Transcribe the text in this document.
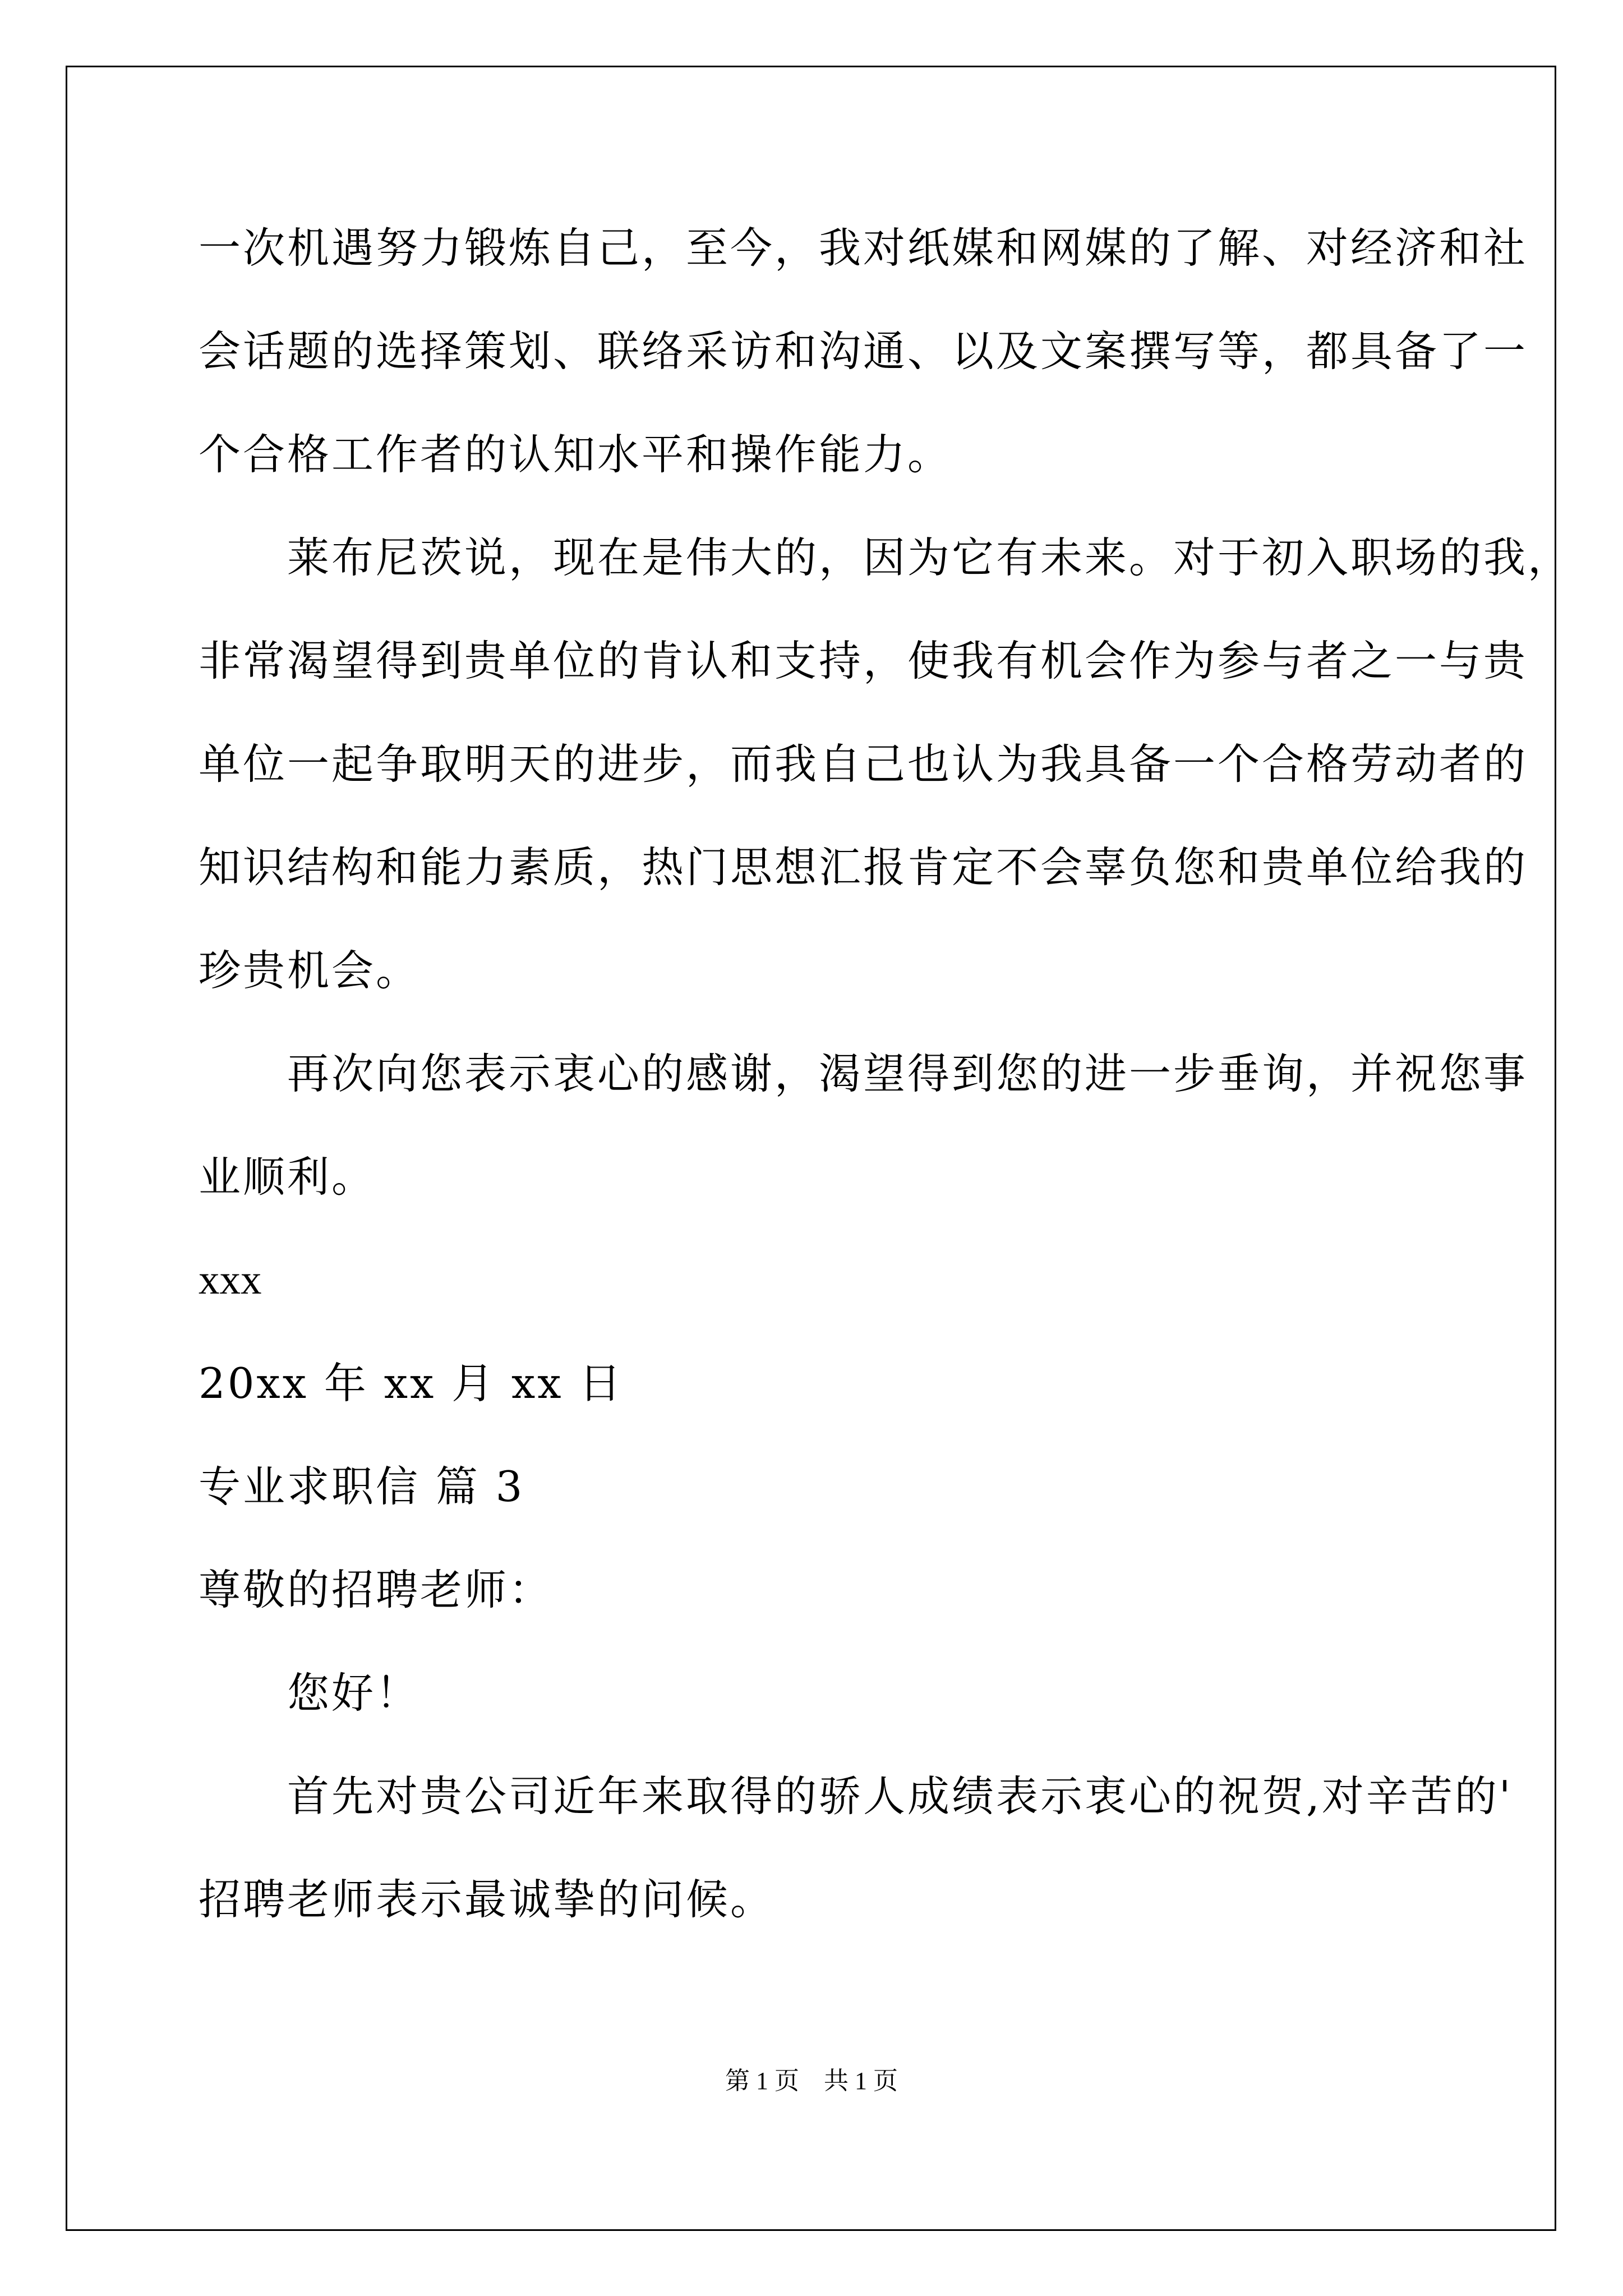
一次机遇努力锻炼自己，至今，我对纸媒和网媒的了解、对经济和社
会话题的选择策划、联络采访和沟通、以及文案撰写等，都具备了一
个合格工作者的认知水平和操作能力。
　　莱布尼茨说，现在是伟大的，因为它有未来。对于初入职场的我，
非常渴望得到贵单位的肯认和支持，使我有机会作为参与者之一与贵
单位一起争取明天的进步，而我自己也认为我具备一个合格劳动者的
知识结构和能力素质，热门思想汇报肯定不会辜负您和贵单位给我的
珍贵机会。
　　再次向您表示衷心的感谢，渴望得到您的进一步垂询，并祝您事
业顺利。
xxx
20xx 年 xx 月 xx 日
专业求职信 篇 3
尊敬的招聘老师：
　　您好！
　　首先对贵公司近年来取得的骄人成绩表示衷心的祝贺,对辛苦的'
招聘老师表示最诚挚的问候。
第 1 页　共 1 页
